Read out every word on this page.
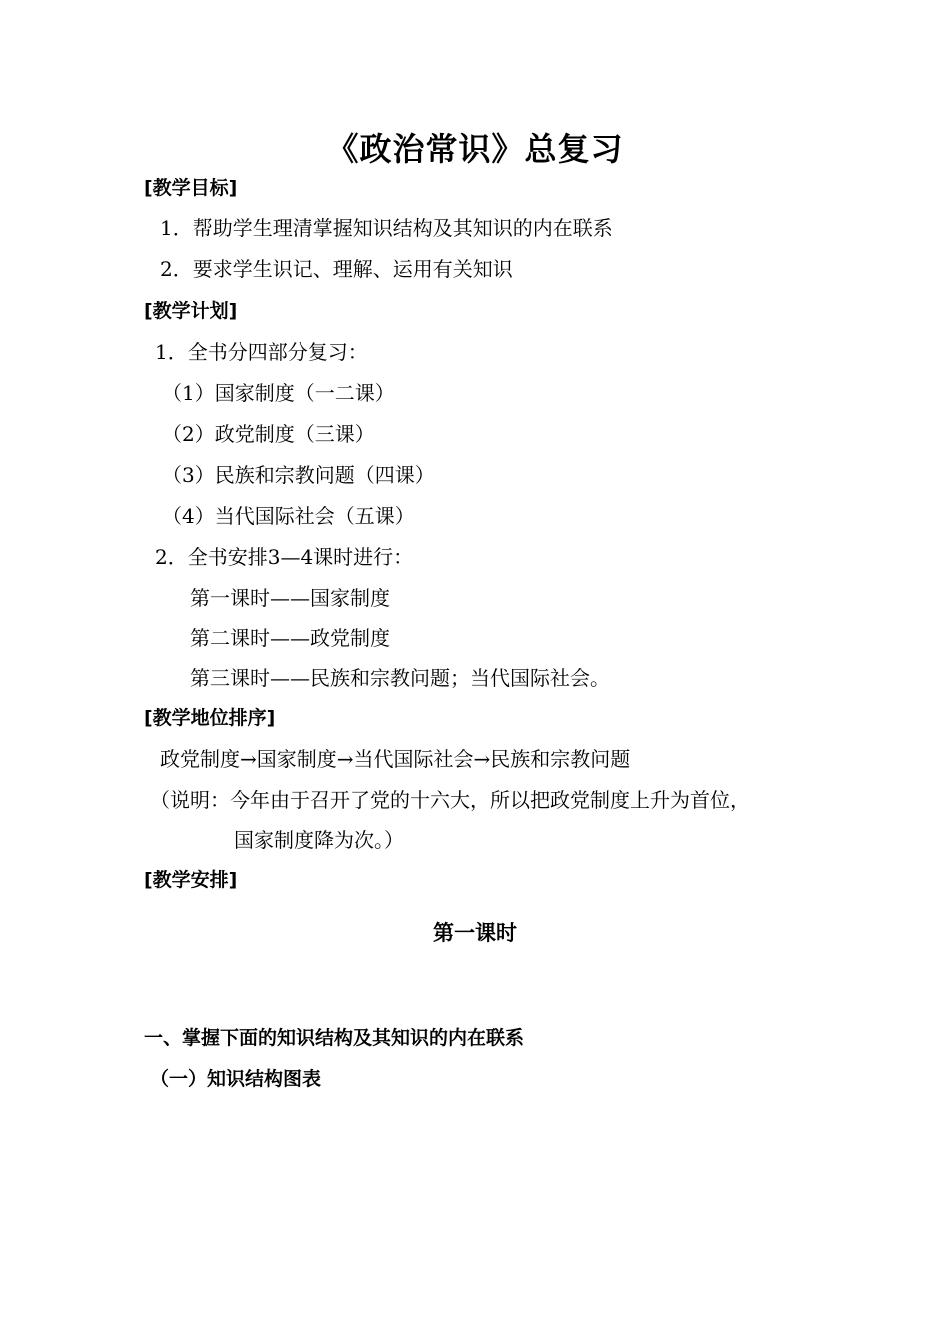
《政治常识》总复习
[教学目标]
1．帮助学生理清掌握知识结构及其知识的内在联系
2．要求学生识记、理解、运用有关知识
[教学计划]
1．全书分四部分复习：
（1）国家制度（一二课）
（2）政党制度（三课）
（3）民族和宗教问题（四课）
（4）当代国际社会（五课）
2．全书安排3—4课时进行：
第一课时——国家制度
第二课时——政党制度
第三课时——民族和宗教问题；当代国际社会。
[教学地位排序]
政党制度→国家制度→当代国际社会→民族和宗教问题
（说明：今年由于召开了党的十六大，所以把政党制度上升为首位，
国家制度降为次。）
[教学安排]
第一课时
一、掌握下面的知识结构及其知识的内在联系
（一）知识结构图表
